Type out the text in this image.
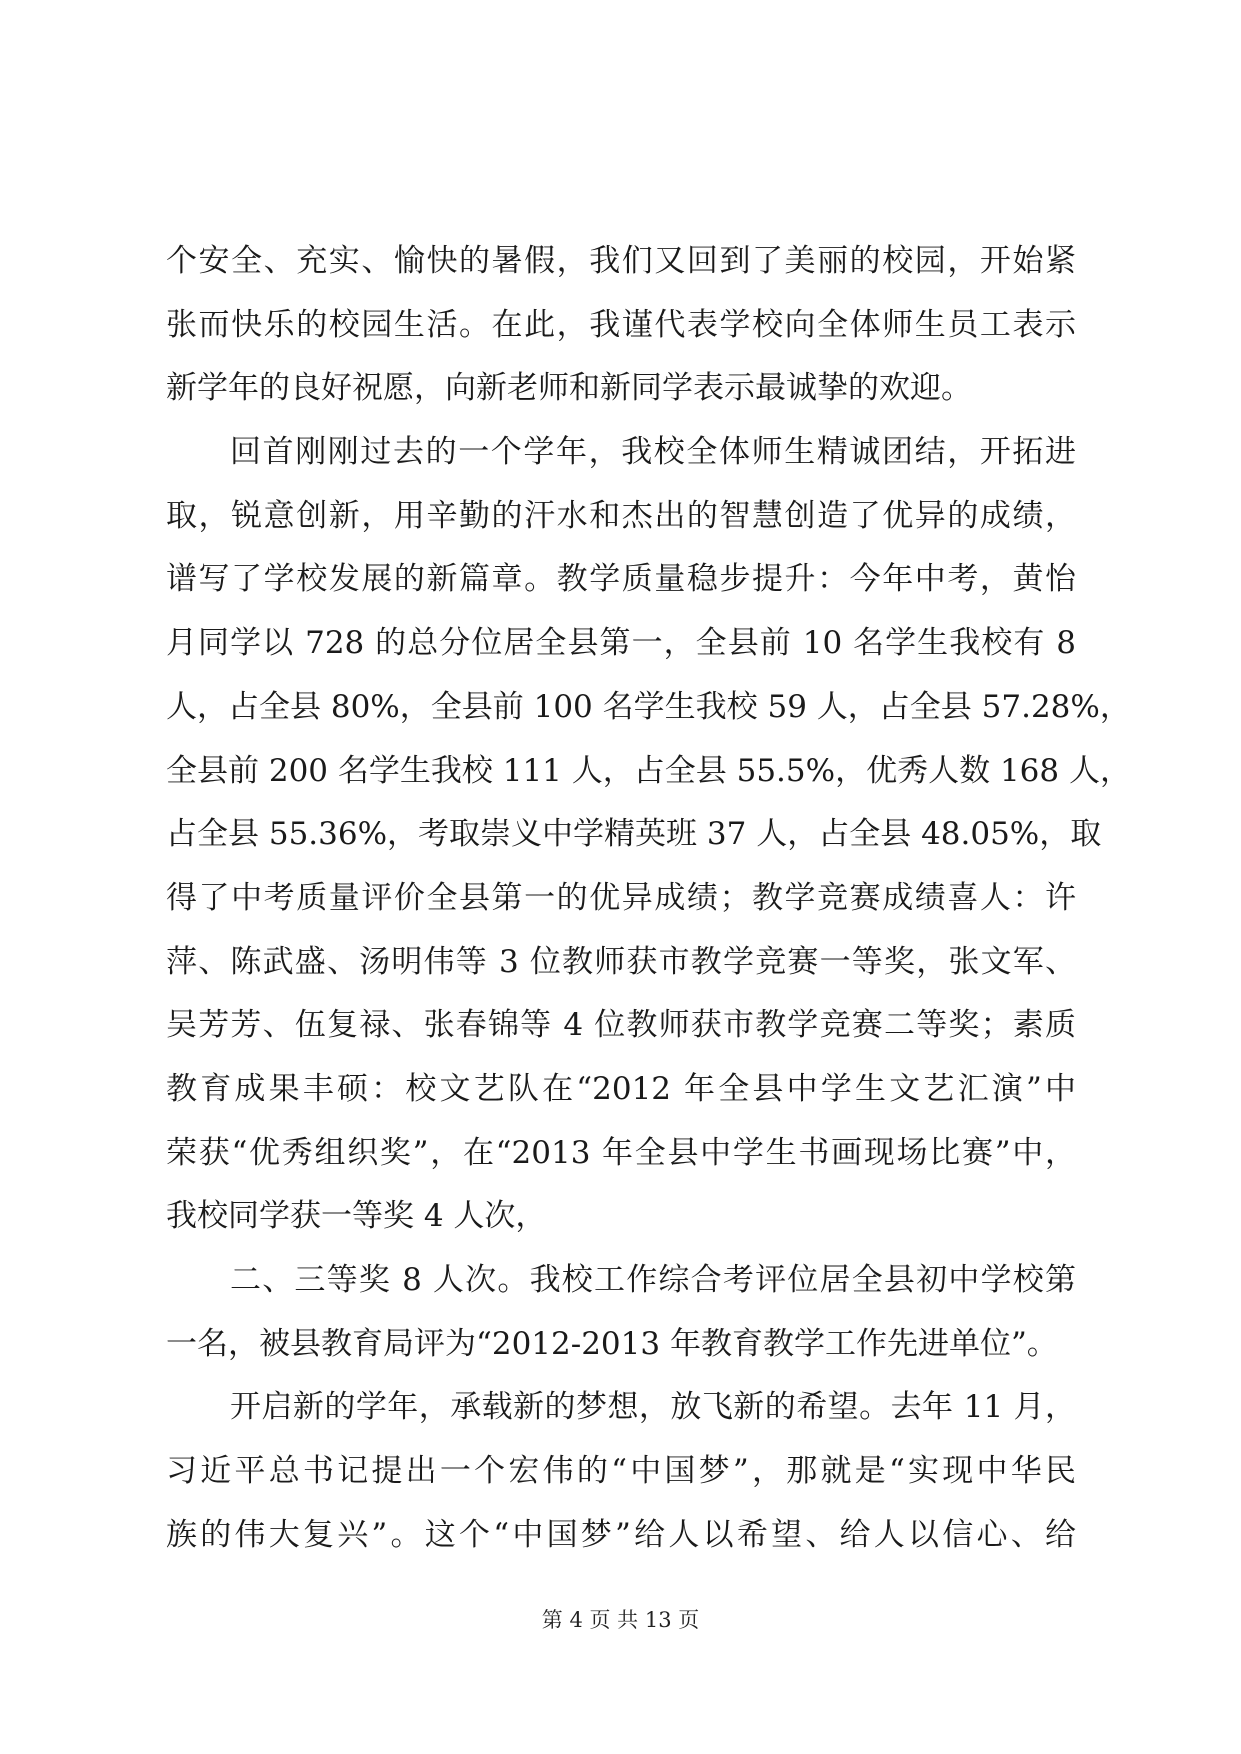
个安全、充实、愉快的暑假，我们又回到了美丽的校园，开始紧
张而快乐的校园生活。在此，我谨代表学校向全体师生员工表示
新学年的良好祝愿，向新老师和新同学表示最诚挚的欢迎。
回首刚刚过去的一个学年，我校全体师生精诚团结，开拓进
取，锐意创新，用辛勤的汗水和杰出的智慧创造了优异的成绩，
谱写了学校发展的新篇章。教学质量稳步提升：今年中考，黄怡
月同学以 728 的总分位居全县第一，全县前 10 名学生我校有 8
人，占全县 80%，全县前 100 名学生我校 59 人，占全县 57.28%，
全县前 200 名学生我校 111 人，占全县 55.5%，优秀人数 168 人，
占全县 55.36%，考取崇义中学精英班 37 人，占全县 48.05%，取
得了中考质量评价全县第一的优异成绩；教学竞赛成绩喜人：许
萍、陈武盛、汤明伟等 3 位教师获市教学竞赛一等奖，张文军、
吴芳芳、伍复禄、张春锦等 4 位教师获市教学竞赛二等奖；素质
教育成果丰硕：校文艺队在“2012 年全县中学生文艺汇演”中
荣获“优秀组织奖”，在“2013 年全县中学生书画现场比赛”中，
我校同学获一等奖 4 人次，
二、三等奖 8 人次。我校工作综合考评位居全县初中学校第
一名，被县教育局评为“2012-2013 年教育教学工作先进单位”。
开启新的学年，承载新的梦想，放飞新的希望。去年 11 月，
习近平总书记提出一个宏伟的“中国梦”，那就是“实现中华民
族的伟大复兴”。这个“中国梦”给人以希望、给人以信心、给
第 4 页 共 13 页
